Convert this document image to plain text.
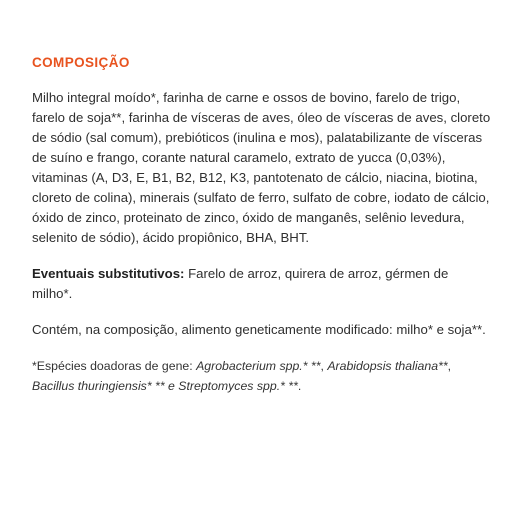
COMPOSIÇÃO

Milho integral moído*, farinha de carne e ossos de bovino, farelo de trigo, farelo de soja**, farinha de vísceras de aves, óleo de vísceras de aves, cloreto de sódio (sal comum), prebióticos (inulina e mos), palatabilizante de vísceras de suíno e frango, corante natural caramelo, extrato de yucca (0,03%), vitaminas (A, D3, E, B1, B2, B12, K3, pantotenato de cálcio, niacina, biotina, cloreto de colina), minerais (sulfato de ferro, sulfato de cobre, iodato de cálcio, óxido de zinco, proteinato de zinco, óxido de manganês, selênio levedura, selenito de sódio), ácido propiônico, BHA, BHT.

Eventuais substitutivos: Farelo de arroz, quirera de arroz, gérmen de milho*.

Contém, na composição, alimento geneticamente modificado: milho* e soja**.

*Espécies doadoras de gene: Agrobacterium spp.* **, Arabidopsis thaliana**, Bacillus thuringiensis* ** e Streptomyces spp.* **.
